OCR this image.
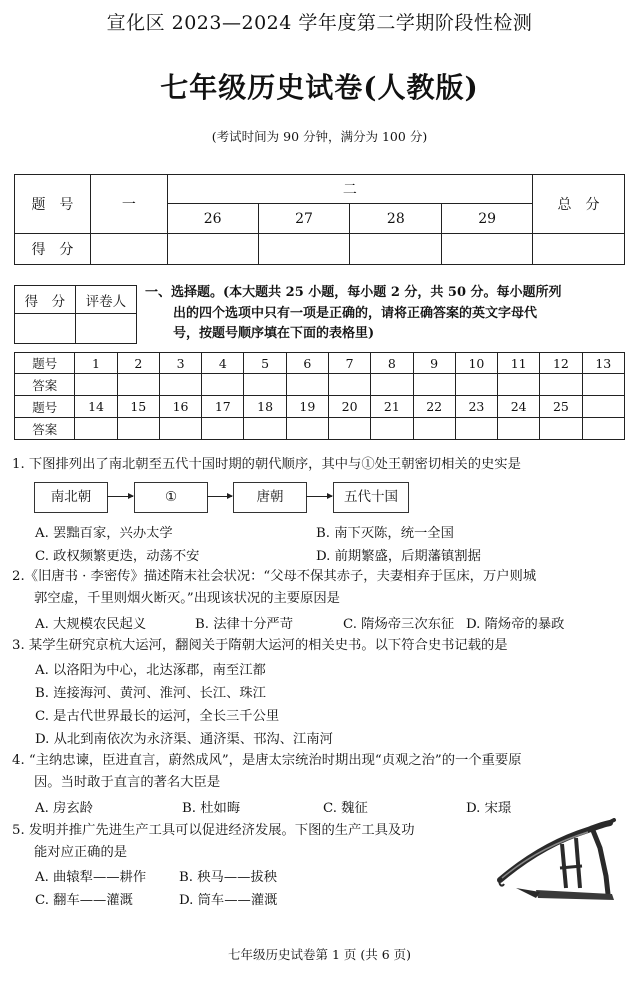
宣化区 2023—2024 学年度第二学期阶段性检测
七年级历史试卷(人教版)
(考试时间为 90 分钟，满分为 100 分)
题　号	一	二				总　分
		26	27	28	29	
得　分						
得　分	评卷人

一、选择题。(本大题共 25 小题，每小题 2 分，共 50 分。每小题所列
出的四个选项中只有一项是正确的，请将正确答案的英文字母代
号，按题号顺序填在下面的表格里)
题号	1	2	3	4	5	6	7	8	9	10	11	12	13
答案													
题号	14	15	16	17	18	19	20	21	22	23	24	25	
答案													
1. 下图排列出了南北朝至五代十国时期的朝代顺序，其中与①处王朝密切相关的史实是
南北朝	①	唐朝	五代十国
A. 罢黜百家，兴办太学	B. 南下灭陈，统一全国
C. 政权频繁更迭，动荡不安	D. 前期繁盛，后期藩镇割据
2.《旧唐书 · 李密传》描述隋末社会状况：“父母不保其赤子，夫妻相弃于匡床，万户则城
郭空虚，千里则烟火断灭。”出现该状况的主要原因是
A. 大规模农民起义	B. 法律十分严苛	C. 隋炀帝三次东征 D. 隋炀帝的暴政
3. 某学生研究京杭大运河，翻阅关于隋朝大运河的相关史书。以下符合史书记载的是
A. 以洛阳为中心，北达涿郡，南至江都
B. 连接海河、黄河、淮河、长江、珠江
C. 是古代世界最长的运河，全长三千公里
D. 从北到南依次为永济渠、通济渠、邗沟、江南河
4. “主纳忠谏，臣进直言，蔚然成风”，是唐太宗统治时期出现“贞观之治”的一个重要原
因。当时敢于直言的著名大臣是
A. 房玄龄	B. 杜如晦	C. 魏征	D. 宋璟
5. 发明并推广先进生产工具可以促进经济发展。下图的生产工具及功
能对应正确的是
A. 曲辕犁——耕作 B. 秧马——拔秧
C. 翻车——灌溉	D. 筒车——灌溉
七年级历史试卷第 1 页 (共 6 页)
